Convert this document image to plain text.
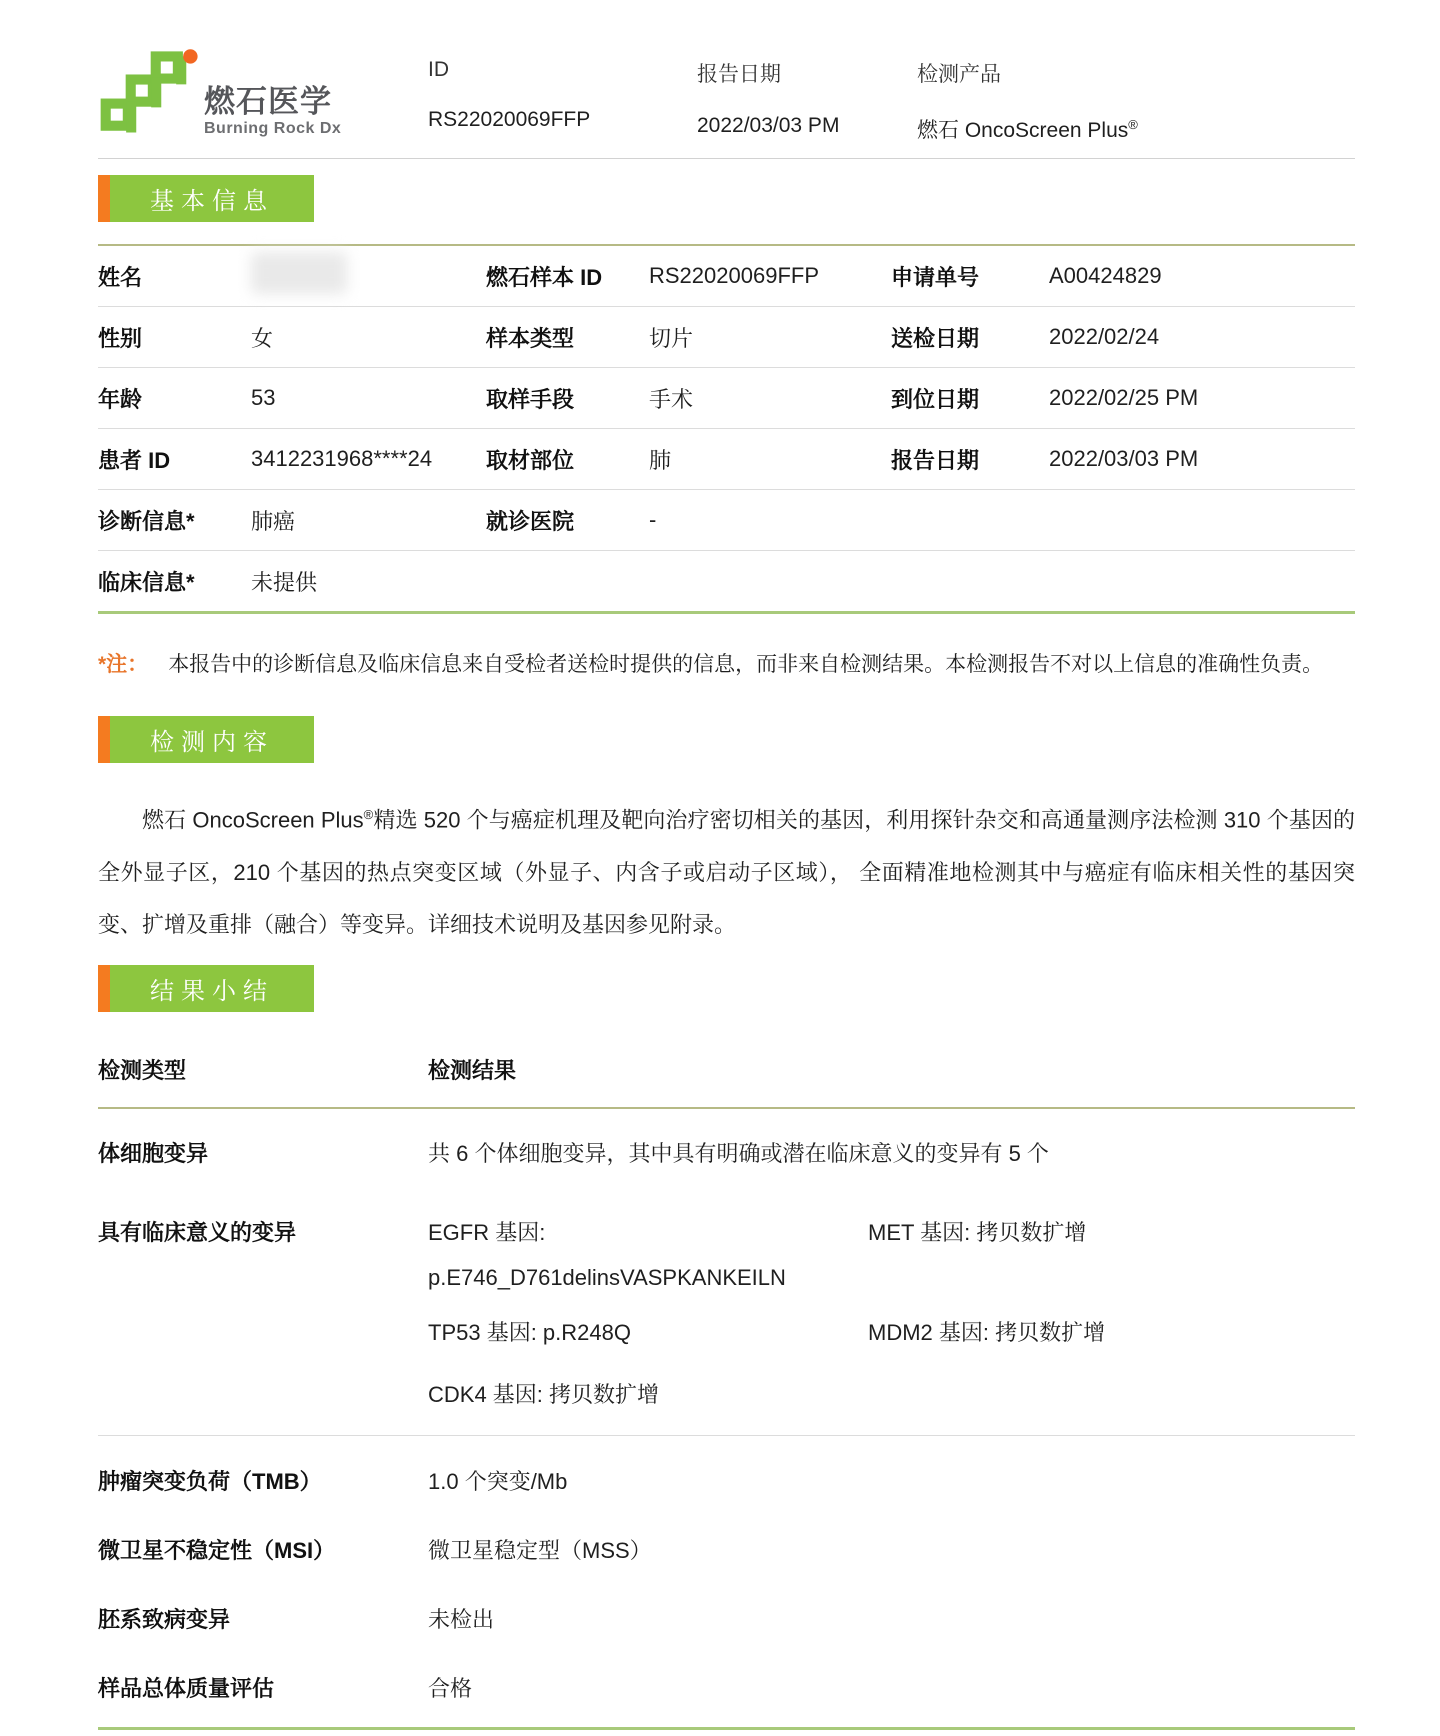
燃石医学
Burning Rock Dx
ID
RS22020069FFP
报告日期
2022/03/03 PM
检测产品
燃石 OncoScreen Plus®
基本信息
姓名	燃石样本 ID	RS22020069FFP	申请单号	A00424829
性别	女	样本类型	切片	送检日期	2022/02/24
年龄	53	取样手段	手术	到位日期	2022/02/25 PM
患者 ID	3412231968****24	取材部位	肺	报告日期	2022/03/03 PM
诊断信息*	肺癌	就诊医院	-
临床信息*	未提供
*注： 本报告中的诊断信息及临床信息来自受检者送检时提供的信息，而非来自检测结果。本检测报告不对以上信息的准确性负责。
检测内容

燃石 OncoScreen Plus®精选 520 个与癌症机理及靶向治疗密切相关的基因，利用探针杂交和高通量测序法检测 310 个基因的全外显子区，210 个基因的热点突变区域（外显子、内含子或启动子区域）， 全面精准地检测其中与癌症有临床相关性的基因突变、扩增及重排（融合）等变异。详细技术说明及基因参见附录。

结果小结
检测类型	检测结果
体细胞变异	共 6 个体细胞变异，其中具有明确或潜在临床意义的变异有 5 个
具有临床意义的变异	EGFR 基因:	MET 基因: 拷贝数扩增
p.E746_D761delinsVASPKANKEILN
TP53 基因: p.R248Q	MDM2 基因: 拷贝数扩增
CDK4 基因: 拷贝数扩增
肿瘤突变负荷（TMB）	1.0 个突变/Mb
微卫星不稳定性（MSI）	微卫星稳定型（MSS）
胚系致病变异	未检出
样品总体质量评估	合格
